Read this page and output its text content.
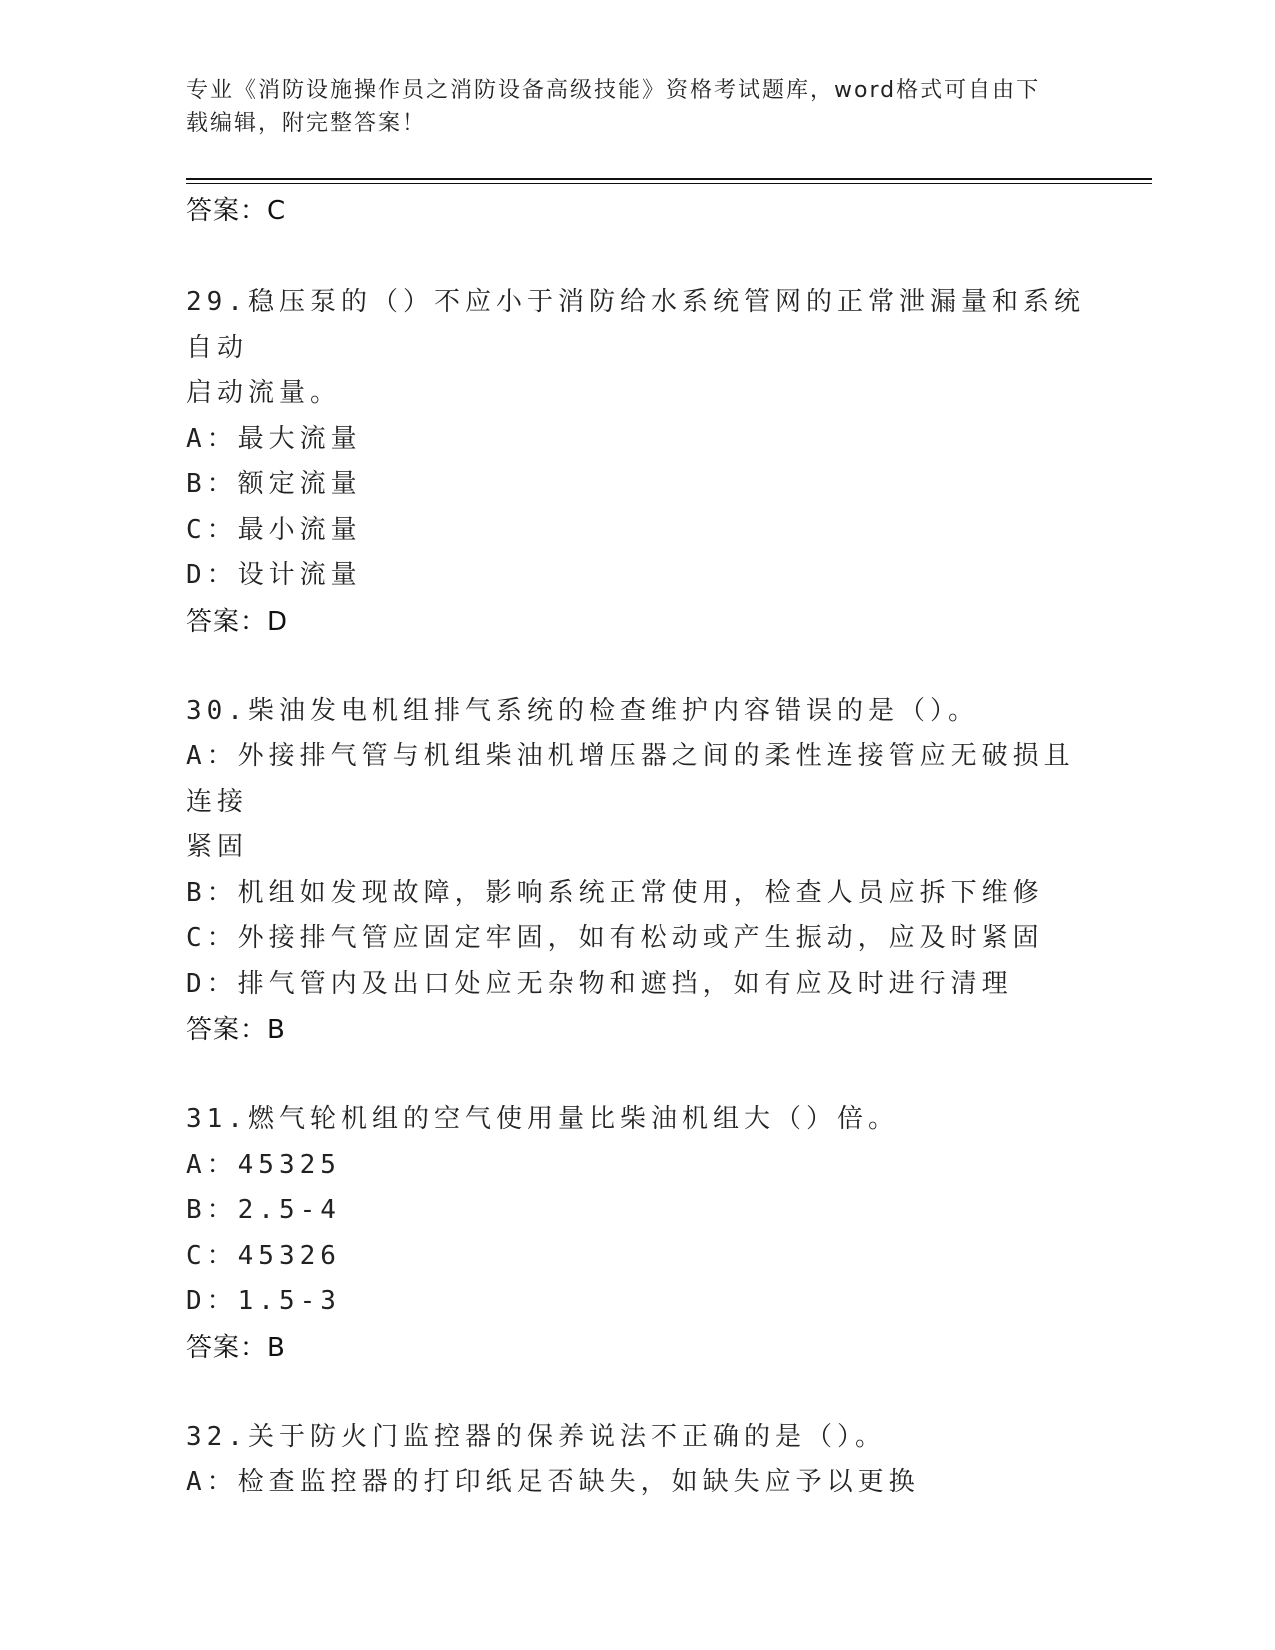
专业《消防设施操作员之消防设备高级技能》资格考试题库，word格式可自由下
载编辑，附完整答案！
答案：C
29.稳压泵的（）不应小于消防给水系统管网的正常泄漏量和系统自动
启动流量。
A：最大流量
B：额定流量
C：最小流量
D：设计流量
答案：D
30.柴油发电机组排气系统的检查维护内容错误的是（）。
A：外接排气管与机组柴油机增压器之间的柔性连接管应无破损且连接
紧固
B：机组如发现故障，影响系统正常使用，检查人员应拆下维修
C：外接排气管应固定牢固，如有松动或产生振动，应及时紧固
D：排气管内及出口处应无杂物和遮挡，如有应及时进行清理
答案：B
31.燃气轮机组的空气使用量比柴油机组大（）倍。
A：45325
B：2.5-4
C：45326
D：1.5-3
答案：B
32.关于防火门监控器的保养说法不正确的是（）。
A：检查监控器的打印纸足否缺失，如缺失应予以更换
